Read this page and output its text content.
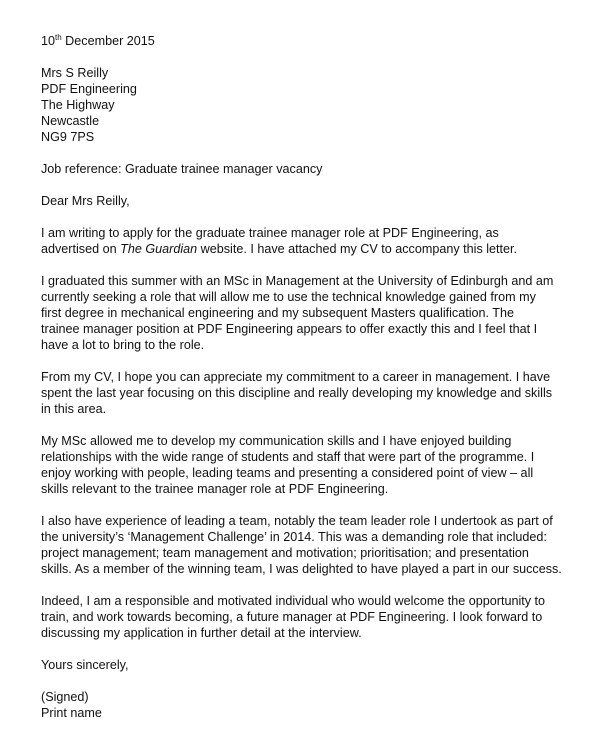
10th December 2015
Mrs S Reilly
PDF Engineering
The Highway
Newcastle
NG9 7PS
Job reference: Graduate trainee manager vacancy
Dear Mrs Reilly,
I am writing to apply for the graduate trainee manager role at PDF Engineering, as
advertised on The Guardian website. I have attached my CV to accompany this letter.
I graduated this summer with an MSc in Management at the University of Edinburgh and am
currently seeking a role that will allow me to use the technical knowledge gained from my
first degree in mechanical engineering and my subsequent Masters qualification. The
trainee manager position at PDF Engineering appears to offer exactly this and I feel that I
have a lot to bring to the role.
From my CV, I hope you can appreciate my commitment to a career in management. I have
spent the last year focusing on this discipline and really developing my knowledge and skills
in this area.
My MSc allowed me to develop my communication skills and I have enjoyed building
relationships with the wide range of students and staff that were part of the programme. I
enjoy working with people, leading teams and presenting a considered point of view – all
skills relevant to the trainee manager role at PDF Engineering.
I also have experience of leading a team, notably the team leader role I undertook as part of
the university’s ‘Management Challenge’ in 2014. This was a demanding role that included:
project management; team management and motivation; prioritisation; and presentation
skills. As a member of the winning team, I was delighted to have played a part in our success.
Indeed, I am a responsible and motivated individual who would welcome the opportunity to
train, and work towards becoming, a future manager at PDF Engineering. I look forward to
discussing my application in further detail at the interview.
Yours sincerely,
(Signed)
Print name
